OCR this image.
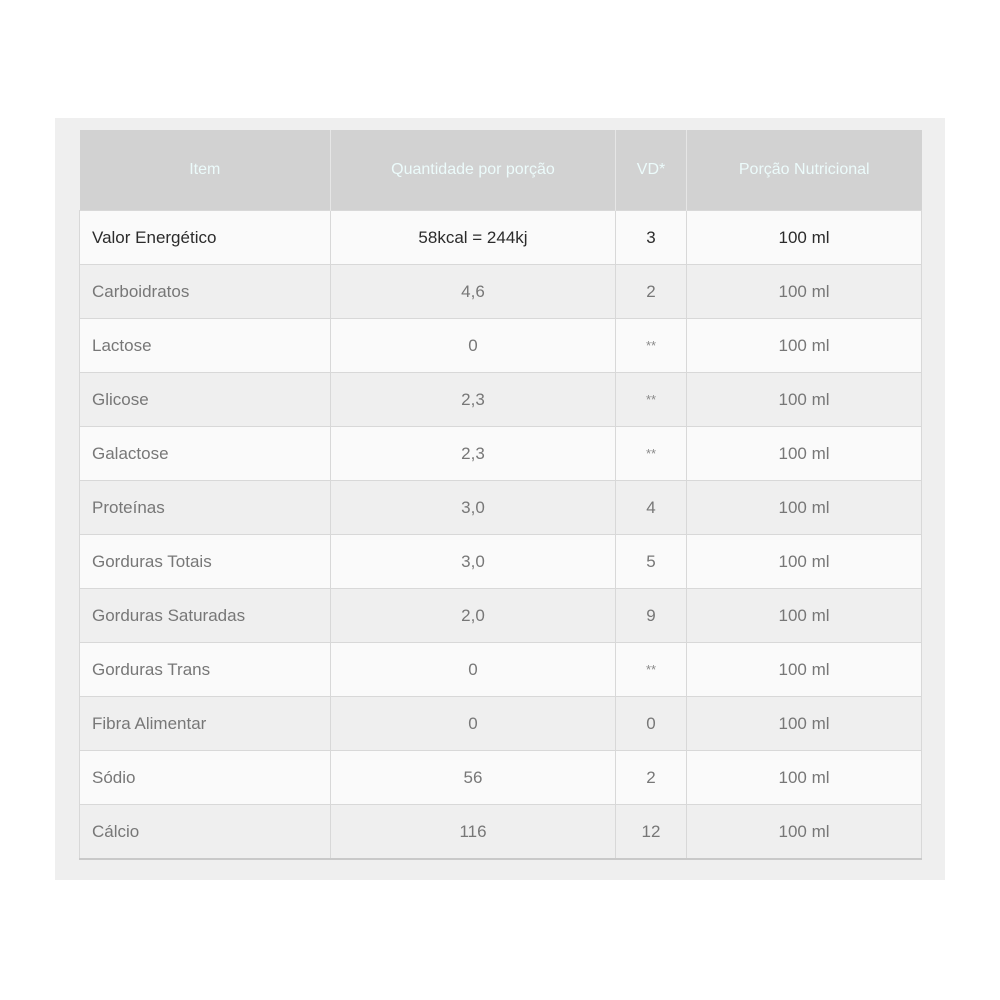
Item	Quantidade por porção	VD*	Porção Nutricional
Valor Energético	58kcal = 244kj	3	100 ml
Carboidratos	4,6	2	100 ml
Lactose	0	**	100 ml
Glicose	2,3	**	100 ml
Galactose	2,3	**	100 ml
Proteínas	3,0	4	100 ml
Gorduras Totais	3,0	5	100 ml
Gorduras Saturadas	2,0	9	100 ml
Gorduras Trans	0	**	100 ml
Fibra Alimentar	0	0	100 ml
Sódio	56	2	100 ml
Cálcio	116	12	100 ml
